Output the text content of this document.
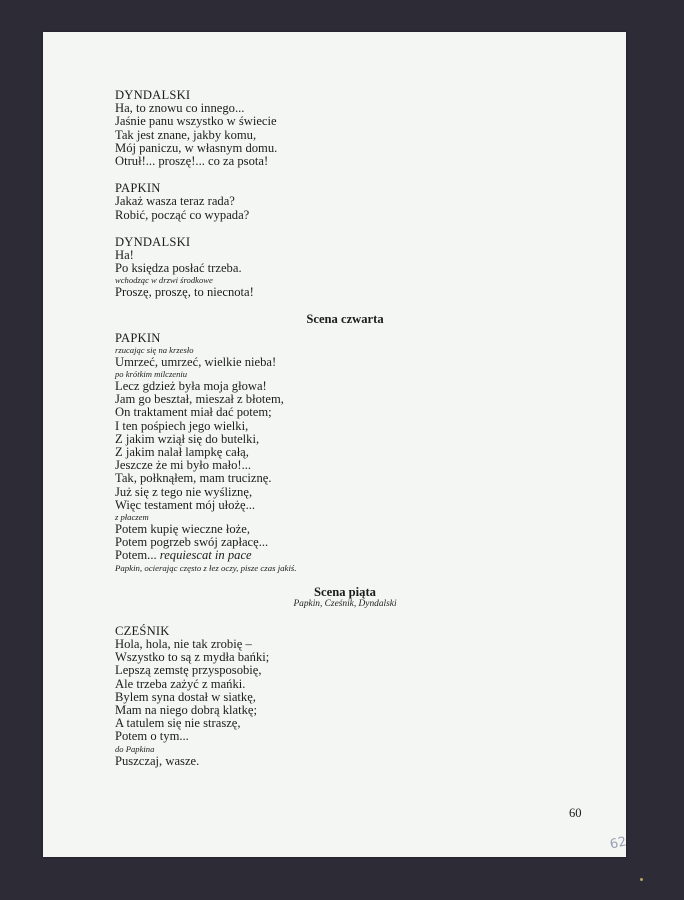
DYNDALSKI

Ha, to znowu co innego...

Jaśnie panu wszystko w świecie

Tak jest znane, jakby komu,

Mój paniczu, w własnym domu.

Otruł!... proszę!... co za psota!

PAPKIN

Jakaż wasza teraz rada?

Robić, począć co wypada?

DYNDALSKI

Ha!

Po księdza posłać trzeba.

wchodząc w drzwi środkowe

Proszę, proszę, to niecnota!

Scena czwarta

PAPKIN

rzucając się na krzesło

Umrzeć, umrzeć, wielkie nieba!

po krótkim milczeniu

Lecz gdzież była moja głowa!

Jam go beształ, mieszał z błotem,

On traktament miał dać potem;

I ten pośpiech jego wielki,

Z jakim wziął się do butelki,

Z jakim nalał lampkę całą,

Jeszcze że mi było mało!...

Tak, połknąłem, mam truciznę.

Już się z tego nie wyśliznę,

Więc testament mój ułożę...

z płaczem

Potem kupię wieczne łoże,

Potem pogrzeb swój zapłacę...

Potem... requiescat in pace

Papkin, ocierając często z łez oczy, pisze czas jakiś.

Scena piąta

Papkin, Cześnik, Dyndalski

CZEŚNIK

Hola, hola, nie tak zrobię –

Wszystko to są z mydła bańki;

Lepszą zemstę przysposobię,

Ale trzeba zażyć z mańki.

Bylem syna dostał w siatkę,

Mam na niego dobrą klatkę;

A tatulem się nie straszę,

Potem o tym...

do Papkina

Puszczaj, wasze.

60
62
